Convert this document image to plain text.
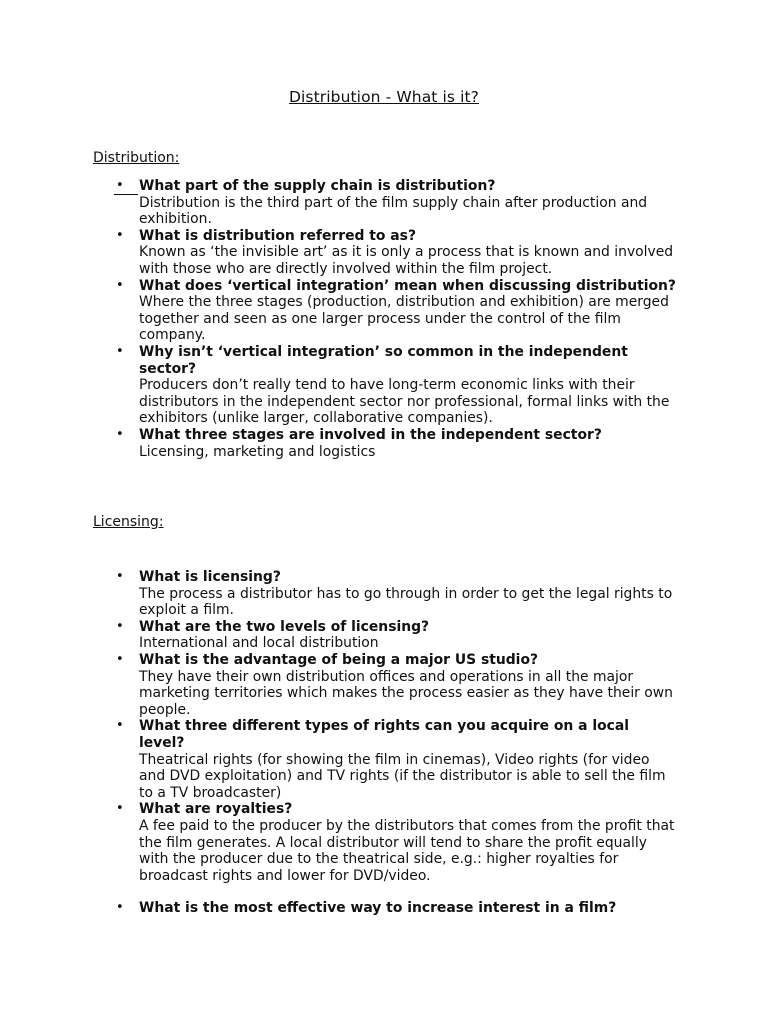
Distribution - What is it?
Distribution:
• What part of the supply chain is distribution?
Distribution is the third part of the film supply chain after production and exhibition.
• What is distribution referred to as?
Known as ‘the invisible art’ as it is only a process that is known and involved with those who are directly involved within the film project.
• What does ‘vertical integration’ mean when discussing distribution?
Where the three stages (production, distribution and exhibition) are merged together and seen as one larger process under the control of the film company.
• Why isn’t ‘vertical integration’ so common in the independent sector?
Producers don’t really tend to have long-term economic links with their distributors in the independent sector nor professional, formal links with the exhibitors (unlike larger, collaborative companies).
• What three stages are involved in the independent sector?
Licensing, marketing and logistics
Licensing:
• What is licensing?
The process a distributor has to go through in order to get the legal rights to exploit a film.
• What are the two levels of licensing?
International and local distribution
• What is the advantage of being a major US studio?
They have their own distribution offices and operations in all the major marketing territories which makes the process easier as they have their own people.
• What three different types of rights can you acquire on a local level?
Theatrical rights (for showing the film in cinemas), Video rights (for video and DVD exploitation) and TV rights (if the distributor is able to sell the film to a TV broadcaster)
• What are royalties?
A fee paid to the producer by the distributors that comes from the profit that the film generates. A local distributor will tend to share the profit equally with the producer due to the theatrical side, e.g.: higher royalties for broadcast rights and lower for DVD/video.
• What is the most effective way to increase interest in a film?
